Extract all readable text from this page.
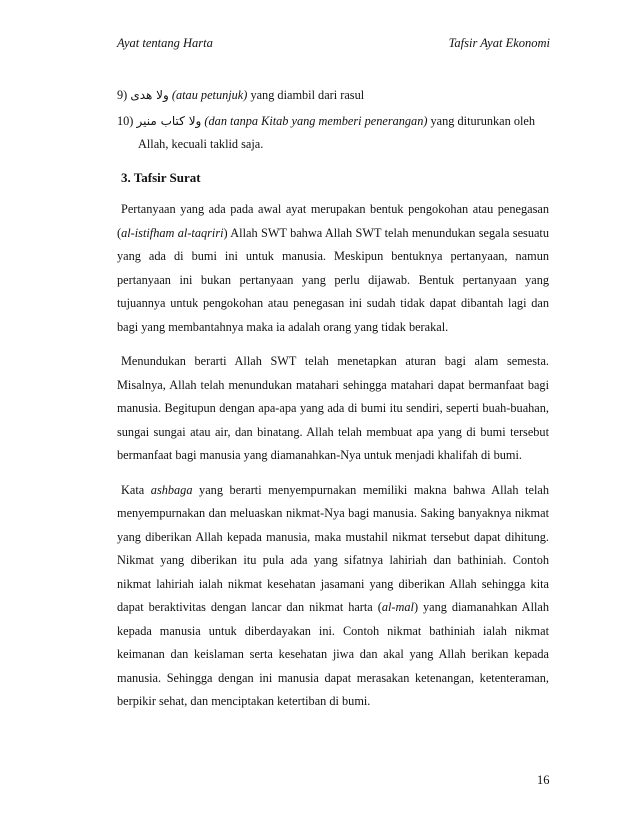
Ayat tentang Harta	Tafsir Ayat Ekonomi

9) ولا هدى (atau petunjuk) yang diambil dari rasul

10) ولا كتاب منير (dan tanpa Kitab yang memberi penerangan) yang diturunkan oleh

Allah, kecuali taklid saja.

3. Tafsir Surat

Pertanyaan yang ada pada awal ayat merupakan bentuk pengokohan atau penegasan (al-istifham al-taqriri) Allah SWT bahwa Allah SWT telah menundukan segala sesuatu yang ada di bumi ini untuk manusia. Meskipun bentuknya pertanyaan, namun pertanyaan ini bukan pertanyaan yang perlu dijawab. Bentuk pertanyaan yang tujuannya untuk pengokohan atau penegasan ini sudah tidak dapat dibantah lagi dan bagi yang membantahnya maka ia adalah orang yang tidak berakal.

Menundukan berarti Allah SWT telah menetapkan aturan bagi alam semesta. Misalnya, Allah telah menundukan matahari sehingga matahari dapat bermanfaat bagi manusia. Begitupun dengan apa-apa yang ada di bumi itu sendiri, seperti buah-buahan, sungai sungai atau air, dan binatang. Allah telah membuat apa yang di bumi tersebut bermanfaat bagi manusia yang diamanahkan-Nya untuk menjadi khalifah di bumi.

Kata ashbaga yang berarti menyempurnakan memiliki makna bahwa Allah telah menyempurnakan dan meluaskan nikmat-Nya bagi manusia. Saking banyaknya nikmat yang diberikan Allah kepada manusia, maka mustahil nikmat tersebut dapat dihitung. Nikmat yang diberikan itu pula ada yang sifatnya lahiriah dan bathiniah. Contoh nikmat lahiriah ialah nikmat kesehatan jasamani yang diberikan Allah sehingga kita dapat beraktivitas dengan lancar dan nikmat harta (al-mal) yang diamanahkan Allah kepada manusia untuk diberdayakan ini. Contoh nikmat bathiniah ialah nikmat keimanan dan keislaman serta kesehatan jiwa dan akal yang Allah berikan kepada manusia. Sehingga dengan ini manusia dapat merasakan ketenangan, ketenteraman, berpikir sehat, dan menciptakan ketertiban di bumi.

16
